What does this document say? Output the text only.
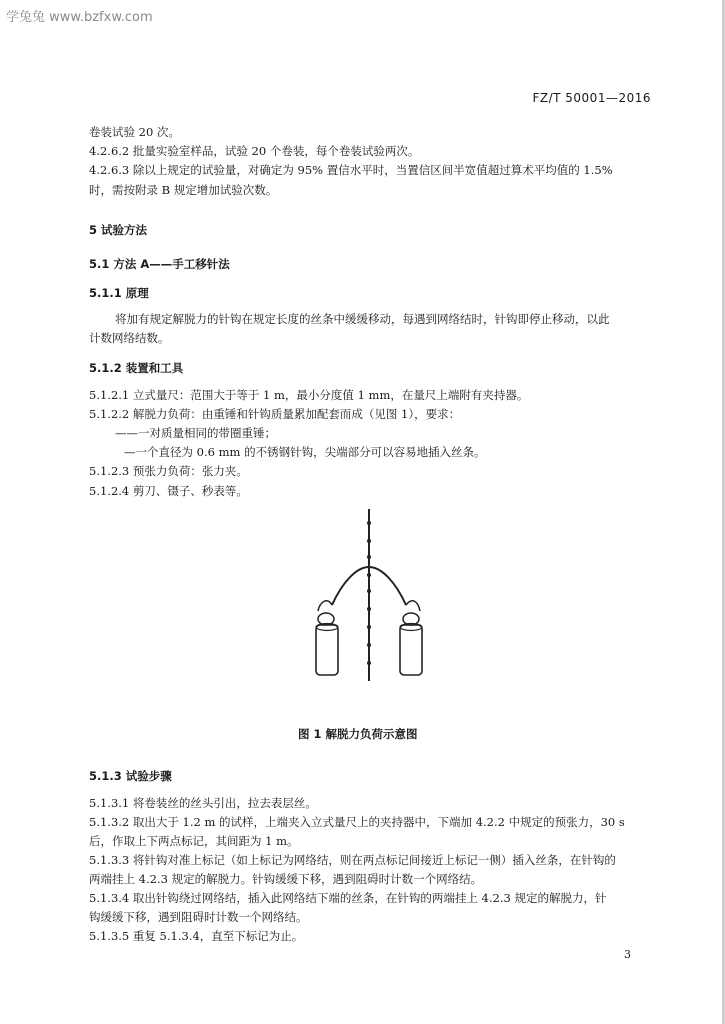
学兔兔 www.bzfxw.com
FZ/T 50001—2016
卷装试验 20 次。
4.2.6.2 批量实验室样品，试验 20 个卷装，每个卷装试验两次。
4.2.6.3 除以上规定的试验量，对确定为 95% 置信水平时，当置信区间半宽值超过算术平均值的 1.5%
时，需按附录 B 规定增加试验次数。
5 试验方法
5.1 方法 A——手工移针法
5.1.1 原理
将加有规定解脱力的针钩在规定长度的丝条中缓缓移动，每遇到网络结时，针钩即停止移动，以此
计数网络结数。
5.1.2 装置和工具
5.1.2.1 立式量尺：范围大于等于 1 m，最小分度值 1 mm，在量尺上端附有夹持器。
5.1.2.2 解脱力负荷：由重锤和针钩质量累加配套而成（见图 1），要求：
——一对质量相同的带圈重锤；
—一个直径为 0.6 mm 的不锈钢针钩，尖端部分可以容易地插入丝条。
5.1.2.3 预张力负荷：张力夹。
5.1.2.4 剪刀、镊子、秒表等。
图 1 解脱力负荷示意图
5.1.3 试验步骤
5.1.3.1 将卷装丝的丝头引出，拉去表层丝。
5.1.3.2 取出大于 1.2 m 的试样，上端夹入立式量尺上的夹持器中，下端加 4.2.2 中规定的预张力，30 s
后，作取上下两点标记，其间距为 1 m。
5.1.3.3 将针钩对准上标记（如上标记为网络结，则在两点标记间接近上标记一侧）插入丝条，在针钩的
两端挂上 4.2.3 规定的解脱力。针钩缓缓下移，遇到阻碍时计数一个网络结。
5.1.3.4 取出针钩绕过网络结，插入此网络结下端的丝条，在针钩的两端挂上 4.2.3 规定的解脱力，针
钩缓缓下移，遇到阻碍时计数一个网络结。
5.1.3.5 重复 5.1.3.4，直至下标记为止。
3
